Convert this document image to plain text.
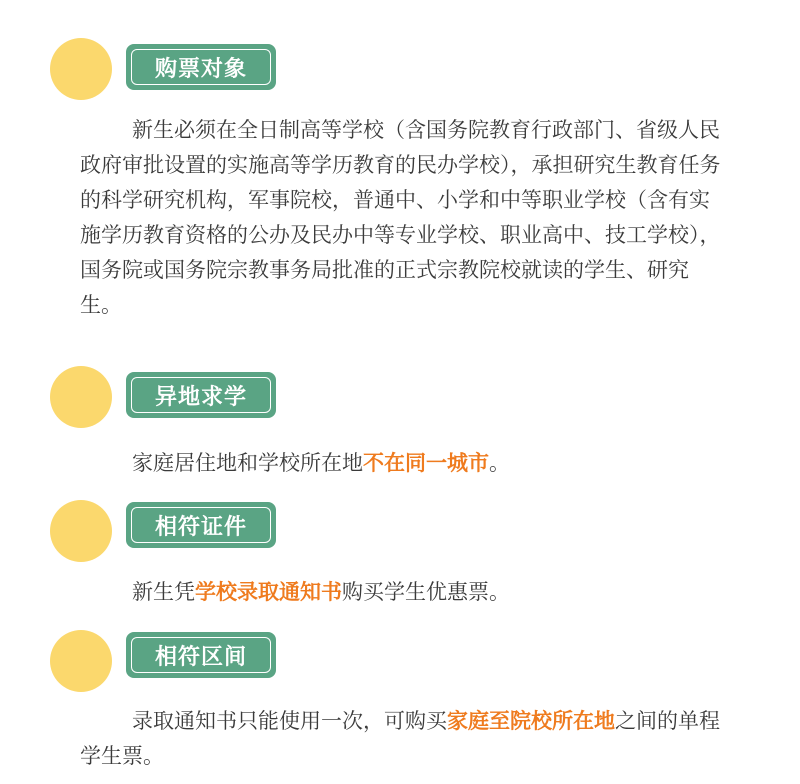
购票对象

新生必须在全日制高等学校（含国务院教育行政部门、省级人民政府审批设置的实施高等学历教育的民办学校），承担研究生教育任务的科学研究机构，军事院校，普通中、小学和中等职业学校（含有实施学历教育资格的公办及民办中等专业学校、职业高中、技工学校），国务院或国务院宗教事务局批准的正式宗教院校就读的学生、研究生。

异地求学

家庭居住地和学校所在地不在同一城市。

相符证件

新生凭学校录取通知书购买学生优惠票。

相符区间

录取通知书只能使用一次，可购买家庭至院校所在地之间的单程学生票。
